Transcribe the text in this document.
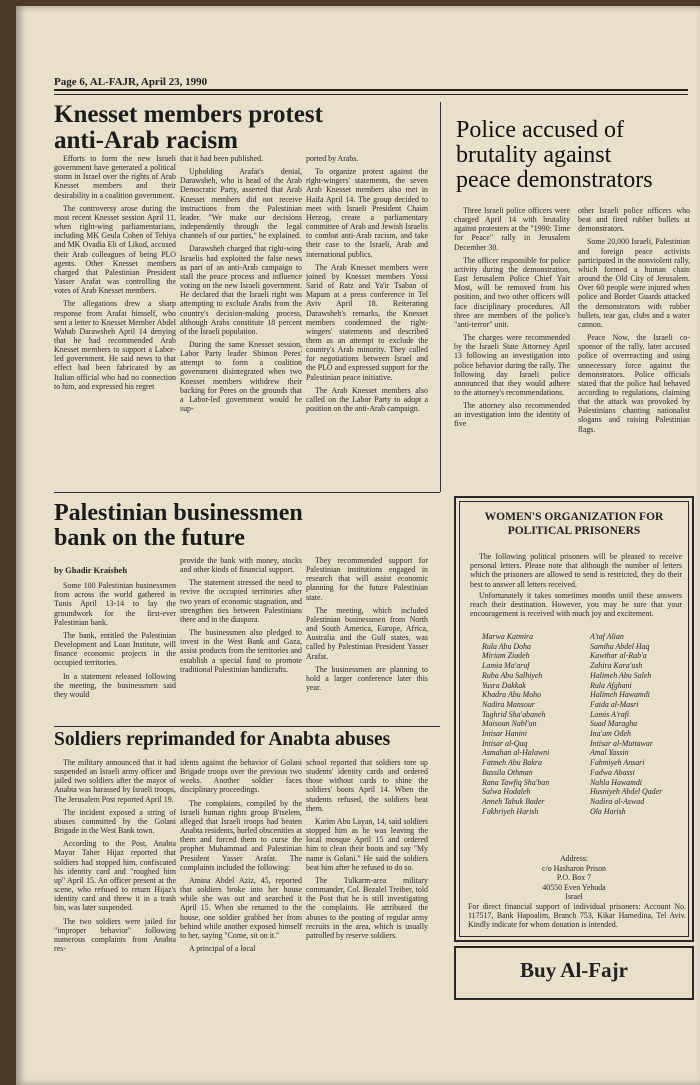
Page 6, AL-FAJR, April 23, 1990
Knesset members protest
anti-Arab racism

Efforts to form the new Israeli government have generated a political storm in Israel over the rights of Arab Knesset members and their desirability in a coalition government.

The controversy arose during the most recent Knesset session April 11, when right-wing parliamentarians, including MK Geula Cohen of Tehiya and MK Ovadia Eli of Likud, accused their Arab colleagues of being PLO agents. Other Knesset members charged that Palestinian President Yasser Arafat was controlling the votes of Arab Knesset members.

The allegations drew a sharp response from Arafat himself, who sent a letter to Knesset Member Abdel Wahab Darawsheh April 14 denying that he had recommended Arab Knesset members to support a Labor-led government. He said news to that effect had been fabricated by an Italian official who had no connection to him, and expressed his regret

that it had been published.

Upholding Arafat's denial, Darawsheh, who is head of the Arab Democratic Party, asserted that Arab Knesset members did not receive instructions from the Palestinian leader. "We make our decisions independently through the legal channels of our parties," he explained.

Darawsheh charged that right-wing Israelis had exploited the false news as part of an anti-Arab campaign to stall the peace process and influence voting on the new Israeli government. He declared that the Israeli right was attempting to exclude Arabs from the country's decision-making process, although Arabs constitute 18 percent of the Israeli population.

During the same Knesset session, Labor Party leader Shimon Peres' attempt to form a coalition government disintegrated when two Knesset members withdrew their backing for Peres on the grounds that a Labor-led government would be sup-

ported by Arabs.

To organize protest against the right-wingers' statements, the seven Arab Knesset members also met in Haifa April 14. The group decided to meet with Israeli President Chaim Herzog, create a parliamentary committee of Arab and Jewish Israelis to combat anti-Arab racism, and take their case to the Israeli, Arab and international publics.

The Arab Knesset members were joined by Knesset members Yossi Sarid of Ratz and Ya'ir Tsaban of Mapam at a press conference in Tel Aviv April 18. Reiterating Darawsheh's remarks, the Knesset members condemned the right-wingers' statements and described them as an attempt to exclude the country's Arab minority. They called for negotiations between Israel and the PLO and expressed support for the Palestinian peace initiative.

The Arab Knesset members also called on the Labor Party to adopt a position on the anti-Arab campaign.

Police accused of
brutality against
peace demonstrators

Three Israeli police officers were charged April 14 with brutality against protesters at the "1990: Time for Peace" rally in Jerusalem December 30.

The officer responsible for police activity during the demonstration, East Jerusalem Police Chief Yair Most, will be removed from his position, and two other officers will face disciplinary procedures. All three are members of the police's "anti-terror" unit.

The charges were recommended by the Israeli State Attorney April 13 following an investigation into police behavior during the rally. The following day Israeli police announced that they would adhere to the attorney's recommendations.

The attorney also recommended an investigation into the identity of five

other Israeli police officers who beat and fired rubber bullets at demonstrators.

Some 20,000 Israeli, Palestinian and foreign peace activists participated in the nonviolent rally, which formed a human chain around the Old City of Jerusalem. Over 60 people were injured when police and Border Guards attacked the demonstrators with rubber bullets, tear gas, clubs and a water cannon.

Peace Now, the Israeli co-sponsor of the rally, later accused police of overreacting and using unnecessary force against the demonstrators. Police officials stated that the police had behaved according to regulations, claiming that the attack was provoked by Palestinians chanting nationalist slogans and raising Palestinian flags.

Palestinian businessmen
bank on the future
by Ghadir Kraisheh

Some 100 Palestinian businessmen from across the world gathered in Tunis April 13-14 to lay the groundwork for the first-ever Palestinian bank.

The bank, entitled the Palestinian Development and Loan Institute, will finance economic projects in the occupied territories.

In a statement released following the meeting, the businessmen said they would

provide the bank with money, stocks and other kinds of financial support.

The statement stressed the need to revive the occupied territories after two years of economic stagnation, and strengthen ties between Palestinians there and in the diaspora.

The businessmen also pledged to invest in the West Bank and Gaza, assist products from the territories and establish a special fund to promote traditional Palestinian handicrafts.

They recommended support for Palestinian institutions engaged in research that will assist economic planning for the future Palestinian state.

The meeting, which included Palestinian businessmen from North and South America, Europe, Africa, Australia and the Gulf states, was called by Palestinian President Yasser Arafat.

The businessmen are planning to hold a larger conference later this year.

Soldiers reprimanded for Anabta abuses

The military announced that it had suspended an Israeli army officer and jailed two soldiers after the mayor of Anabta was harassed by Israeli troops, The Jerusalem Post reported April 19.

The incident exposed a string of abuses committed by the Golani Brigade in the West Bank town.

According to the Post, Anabta Mayor Taher Hijaz reported that soldiers had stopped him, confiscated his identity card and "roughed him up" April 15. An officer present at the scene, who refused to return Hijaz's identity card and threw it in a trash bin, was later suspended.

The two soldiers were jailed for "improper behavior" following numerous complaints from Anabta res-

idents against the behavior of Golani Brigade troops over the previous two weeks. Another soldier faces disciplinary proceedings.

The complaints, compiled by the Israeli human rights group B'tselem, alleged that Israeli troops had beaten Anabta residents, hurled obscenities at them and forced them to curse the prophet Muhammad and Palestinian President Yasser Arafat. The complaints included the following:

Amina Abdel Aziz, 45, reported that soldiers broke into her house while she was out and searched it April 15. When she returned to the house, one soldier grabbed her from behind while another exposed himself to her, saying "Come, sit on it."

A principal of a local

school reported that soldiers tore up students' identity cards and ordered those without cards to shine the soldiers' boots April 14. When the students refused, the soldiers beat them.

Karim Abu Layan, 14, said soldiers stopped him as he was leaving the local mosque April 15 and ordered him to clean their boots and say "My name is Golani." He said the soldiers beat him after he refused to do so.

The Tulkarm-area military commander, Col. Bezalel Treiber, told the Post that he is still investigating the complaints. He attributed the abuses to the posting of regular army recruits in the area, which is usually patrolled by reserve soldiers.

WOMEN'S ORGANIZATION FOR
POLITICAL PRISONERS

The following political prisoners will be pleased to receive personal letters. Please note that although the number of letters which the prisoners are allowed to send is restricted, they do their best to answer all letters received.

Unfortunately it takes sometimes months until these answers reach their destination. However, you may be sure that your encouragement is received with much joy and excitement.

Marwa Katmira
Rula Abu Doha
Miriam Ziadeh
Lamia Ma'aruf
Ruba Abu Salhiyeh
Yusra Dakkak
Khadra Abu Moho
Nadira Mansour
Taghrid Sha'abaneh
Maisoun Nabl'an
Intisar Hanini
Intisar al-Qaq
Asmahan al-Halawni
Fatmeh Abu Bakra
Bassila Othman
Rana Tawfiq Sha'ban
Salwa Hodaleh
Anneh Tabuk Bader
Fakhriyeh Harish
A'taf Alian
Samiha Abdel Haq
Kawthar al-Rab'a
Zahira Kara'ush
Halimeh Abu Saleh
Rula Afghani
Halimeh Hawamdi
Faida al-Masri
Lamis A'rafi
Suad Maragha
Ina'am Odeh
Intisar al-Muttawar
Amal Yassin
Fahmiyeh Ansari
Fadwa Abassi
Nahla Hawamdi
Husniyeh Abdel Qader
Nadira al-Aswad
Ola Harish
Address:
c/o Hasharon Prison
P.O. Box 7
40550 Even Yehuda
Israel
For direct financial support of individual prisoners: Account No. 117517, Bank Hapoalim, Branch 753, Kikar Hamedina, Tel Aviv. Kindly indicate for whom donation is intended.
Buy Al-Fajr
